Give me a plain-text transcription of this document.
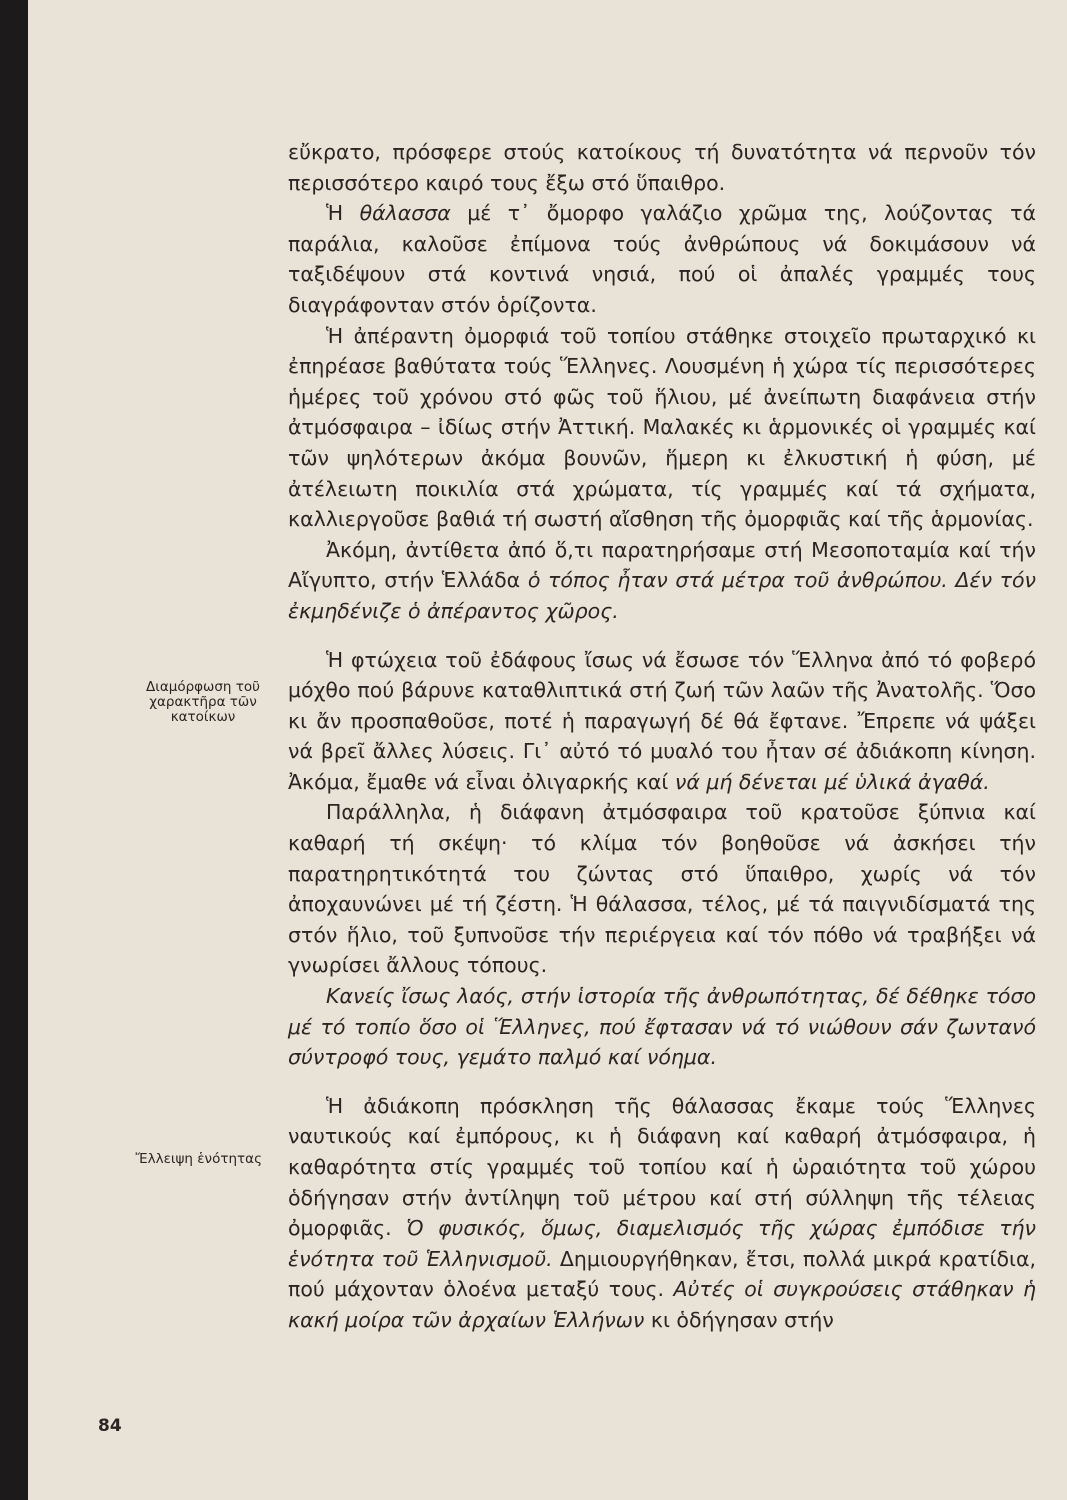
εὔκρατο, πρόσφερε στούς κατοίκους τή δυνατότητα νά περνοῦν τόν περισσότερο καιρό τους ἔξω στό ὕπαιθρο.

Ἡ θάλασσα μέ τ᾽ ὄμορφο γαλάζιο χρῶμα της, λούζοντας τά παράλια, καλοῦσε ἐπίμονα τούς ἀνθρώπους νά δοκιμάσουν νά ταξιδέψουν στά κοντινά νησιά, πού οἱ ἀπαλές γραμμές τους διαγράφονταν στόν ὁρίζοντα.

Ἡ ἀπέραντη ὀμορφιά τοῦ τοπίου στάθηκε στοιχεῖο πρωταρχικό κι ἐπηρέασε βαθύτατα τούς Ἕλληνες. Λουσμένη ἡ χώρα τίς περισσότερες ἡμέρες τοῦ χρόνου στό φῶς τοῦ ἥλιου, μέ ἀνείπωτη διαφάνεια στήν ἀτμόσφαιρα – ἰδίως στήν Ἀττική. Μαλακές κι ἁρμονικές οἱ γραμμές καί τῶν ψηλότερων ἀκόμα βουνῶν, ἥμερη κι ἐλκυστική ἡ φύση, μέ ἀτέλειωτη ποικιλία στά χρώματα, τίς γραμμές καί τά σχήματα, καλλιεργοῦσε βαθιά τή σωστή αἴσθηση τῆς ὀμορφιᾶς καί τῆς ἁρμονίας.

Ἀκόμη, ἀντίθετα ἀπό ὅ,τι παρατηρήσαμε στή Μεσοποταμία καί τήν Αἴγυπτο, στήν Ἑλλάδα ὁ τόπος ἦταν στά μέτρα τοῦ ἀνθρώπου. Δέν τόν ἐκμηδένιζε ὁ ἀπέραντος χῶρος.

Ἡ φτώχεια τοῦ ἐδάφους ἴσως νά ἔσωσε τόν Ἕλληνα ἀπό τό φοβερό μόχθο πού βάρυνε καταθλιπτικά στή ζωή τῶν λαῶν τῆς Ἀνατολῆς. Ὅσο κι ἄν προσπαθοῦσε, ποτέ ἡ παραγωγή δέ θά ἔφτανε. Ἔπρεπε νά ψάξει νά βρεῖ ἄλλες λύσεις. Γι᾽ αὐτό τό μυαλό του ἦταν σέ ἀδιάκοπη κίνηση. Ἀκόμα, ἔμαθε νά εἶναι ὀλιγαρκής καί νά μή δένεται μέ ὑλικά ἀγαθά.

Παράλληλα, ἡ διάφανη ἀτμόσφαιρα τοῦ κρατοῦσε ξύπνια καί καθαρή τή σκέψη· τό κλίμα τόν βοηθοῦσε νά ἀσκήσει τήν παρατηρητικότητά του ζώντας στό ὕπαιθρο, χωρίς νά τόν ἀποχαυνώνει μέ τή ζέστη. Ἡ θάλασσα, τέλος, μέ τά παιγνιδίσματά της στόν ἥλιο, τοῦ ξυπνοῦσε τήν περιέργεια καί τόν πόθο νά τραβήξει νά γνωρίσει ἄλλους τόπους.

Κανείς ἴσως λαός, στήν ἱστορία τῆς ἀνθρωπότητας, δέ δέθηκε τόσο μέ τό τοπίο ὅσο οἱ Ἕλληνες, πού ἔφτασαν νά τό νιώθουν σάν ζωντανό σύντροφό τους, γεμάτο παλμό καί νόημα.

Ἡ ἀδιάκοπη πρόσκληση τῆς θάλασσας ἔκαμε τούς Ἕλληνες ναυτικούς καί ἐμπόρους, κι ἡ διάφανη καί καθαρή ἀτμόσφαιρα, ἡ καθαρότητα στίς γραμμές τοῦ τοπίου καί ἡ ὡραιότητα τοῦ χώρου ὁδήγησαν στήν ἀντίληψη τοῦ μέτρου καί στή σύλληψη τῆς τέλειας ὀμορφιᾶς. Ὁ φυσικός, ὅμως, διαμελισμός τῆς χώρας ἐμπόδισε τήν ἑνότητα τοῦ Ἑλληνισμοῦ. Δημιουργήθηκαν, ἔτσι, πολλά μικρά κρατίδια, πού μάχονταν ὁλοένα μεταξύ τους. Αὐτές οἱ συγκρούσεις στάθηκαν ἡ κακή μοίρα τῶν ἀρχαίων Ἑλλήνων κι ὁδήγησαν στήν

Διαμόρφωση τοῦ χαρακτῆρα τῶν κατοίκων
Ἔλλειψη ἑνότητας
84
